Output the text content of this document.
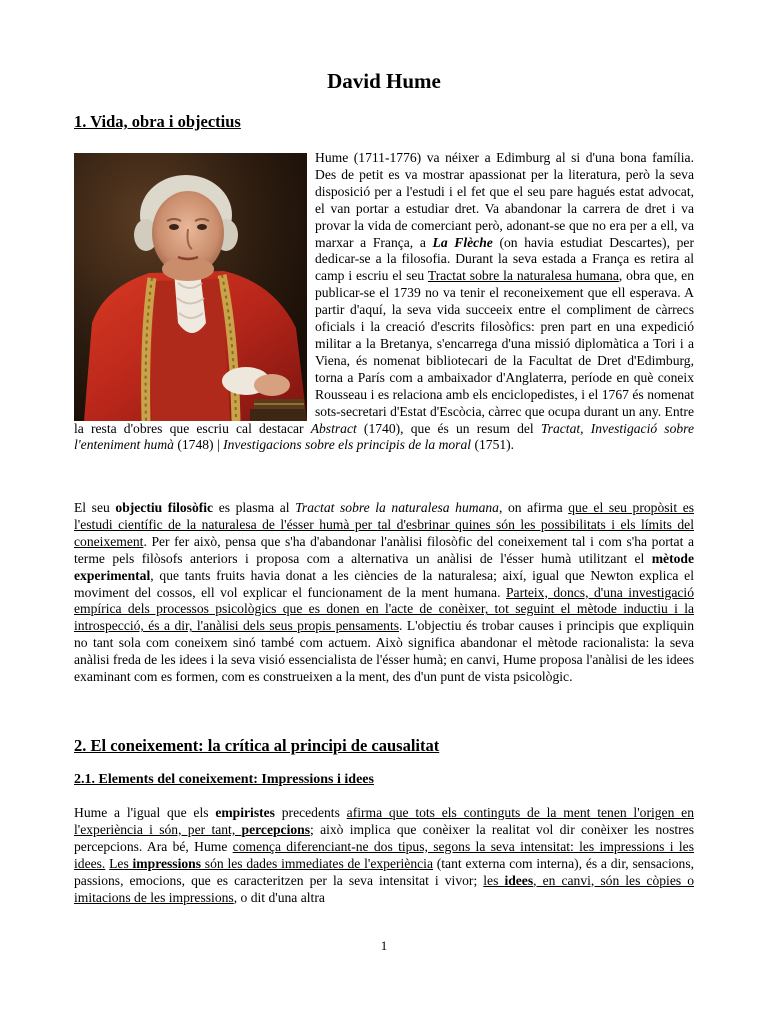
David Hume
1. Vida, obra i objectius
Hume (1711-1776) va néixer a Edimburg al si d'una bona família. Des de petit es va mostrar apassionat per la literatura, però la seva disposició per a l'estudi i el fet que el seu pare hagués estat advocat, el van portar a estudiar dret. Va abandonar la carrera de dret i va provar la vida de comerciant però, adonant-se que no era per a ell, va marxar a França, a La Flèche (on havia estudiat Descartes), per dedicar-se a la filosofia. Durant la seva estada a França es retira al camp i escriu el seu Tractat sobre la naturalesa humana, obra que, en publicar-se el 1739 no va tenir el reconeixement que ell esperava. A partir d'aquí, la seva vida succeeix entre el compliment de càrrecs oficials i la creació d'escrits filosòfics: pren part en una expedició militar a la Bretanya, s'encarrega d'una missió diplomàtica a Tori i a Viena, és nomenat bibliotecari de la Facultat de Dret d'Edimburg, torna a París com a ambaixador d'Anglaterra, període en què coneix Rousseau i es relaciona amb els enciclopedistes, i el 1767 és nomenat sots-secretari d'Estat d'Escòcia, càrrec que ocupa durant un any. Entre la resta d'obres que escriu cal destacar Abstract (1740), que és un resum del Tractat, Investigació sobre l'enteniment humà (1748) | Investigacions sobre els principis de la moral (1751).
El seu objectiu filosòfic es plasma al Tractat sobre la naturalesa humana, on afirma que el seu propòsit es l'estudi científic de la naturalesa de l'ésser humà per tal d'esbrinar quines són les possibilitats i els límits del coneixement. Per fer això, pensa que s'ha d'abandonar l'anàlisi filosòfic del coneixement tal i com s'ha portat a terme pels filòsofs anteriors i proposa com a alternativa un anàlisi de l'ésser humà utilitzant el mètode experimental, que tants fruits havia donat a les ciències de la naturalesa; així, igual que Newton explica el moviment del cossos, ell vol explicar el funcionament de la ment humana. Parteix, doncs, d'una investigació empírica dels processos psicològics que es donen en l'acte de conèixer, tot seguint el mètode inductiu i la introspecció, és a dir, l'anàlisi dels seus propis pensaments. L'objectiu és trobar causes i principis que expliquin no tant sola com coneixem sinó també com actuem. Això significa abandonar el mètode racionalista: la seva anàlisi freda de les idees i la seva visió essencialista de l'ésser humà; en canvi, Hume proposa l'anàlisi de les idees examinant com es formen, com es construeixen a la ment, des d'un punt de vista psicològic.
2. El coneixement: la crítica al principi de causalitat
2.1. Elements del coneixement: Impressions i idees
Hume a l'igual que els empiristes precedents afirma que tots els continguts de la ment tenen l'origen en l'experiència i són, per tant, percepcions; això implica que conèixer la realitat vol dir conèixer les nostres percepcions. Ara bé, Hume comença diferenciant-ne dos tipus, segons la seva intensitat: les impressions i les idees. Les impressions són les dades immediates de l'experiència (tant externa com interna), és a dir, sensacions, passions, emocions, que es caracteritzen per la seva intensitat i vivor; les idees, en canvi, són les còpies o imitacions de les impressions, o dit d'una altra
1
